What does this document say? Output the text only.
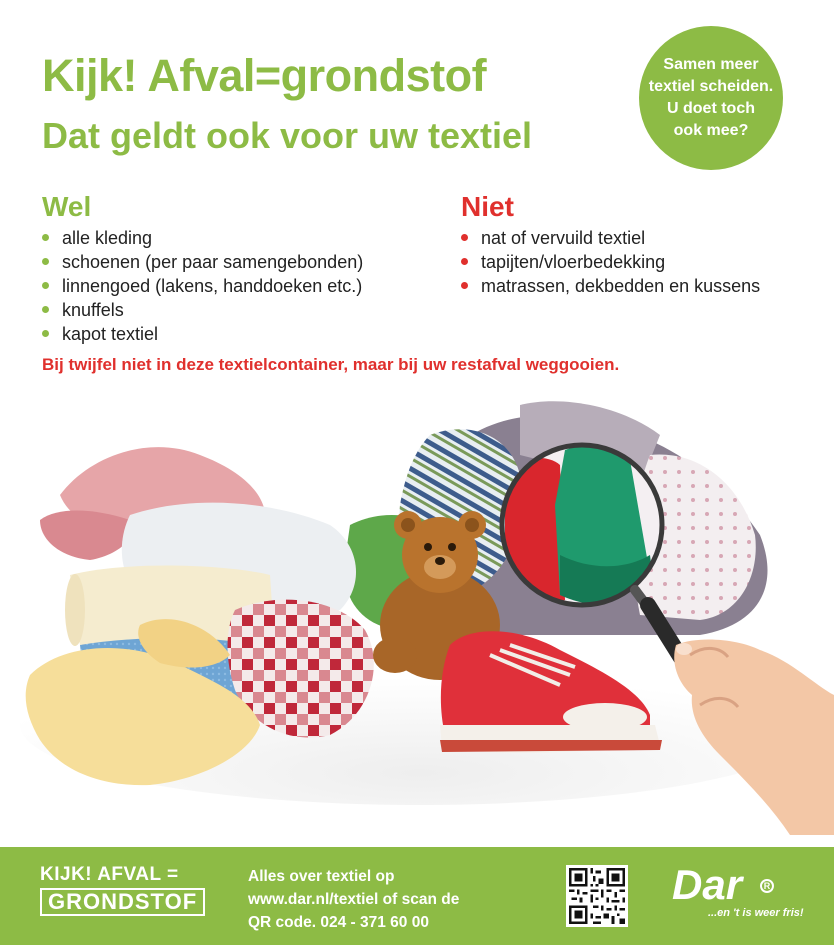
Kijk! Afval=grondstof
Dat geldt ook voor uw textiel
Samen meer
textiel scheiden.
U doet toch
ook mee?
Wel
alle kleding
schoenen (per paar samengebonden)
linnengoed (lakens, handdoeken etc.)
knuffels
kapot textiel
Niet
nat of vervuild textiel
tapijten/vloerbedekking
matrassen, dekbedden en kussens
Bij twijfel niet in deze textielcontainer, maar bij uw restafval weggooien.
KIJK! AFVAL =
GRONDSTOF
Alles over textiel op
www.dar.nl/textiel of scan de
QR code. 024 - 371 60 00
Dar	R
...en 't is weer fris!
